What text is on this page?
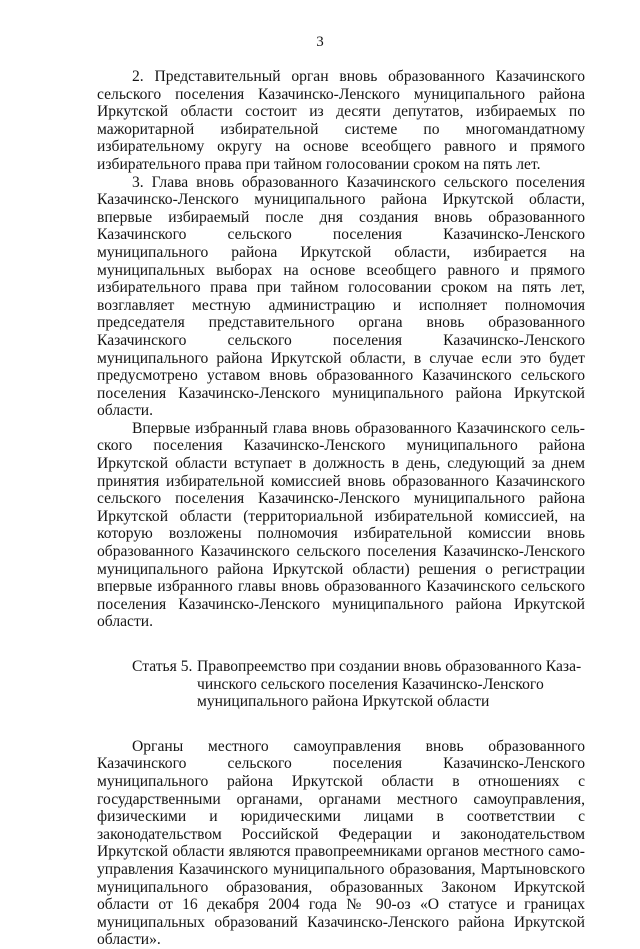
3

2. Представительный орган вновь образованного Казачинского сельского поселения Казачинско-Ленского муниципального района Иркутской области состоит из десяти депутатов, избираемых по мажоритарной избирательной системе по многомандатному избирательному округу на основе всеобщего равного и прямого избирательного права при тайном голосовании сроком на пять лет.

3. Глава вновь образованного Казачинского сельского поселения Казачинско-Ленского муниципального района Иркутской области, впервые избираемый после дня создания вновь образованного Казачинского сельского поселения Казачинско-Ленского муниципального района Иркутской области, избирается на муниципальных выборах на основе всеобщего равного и прямого избирательного права при тайном голосовании сроком на пять лет, возглавляет местную администрацию и исполняет полномочия председателя представительного органа вновь образованного Казачинского сельского поселения Казачинско-Ленского муниципального района Иркутской области, в случае если это будет предусмотрено уставом вновь образованного Казачинского сельского поселения Казачинско-Ленского муниципального района Иркутской области.

Впервые избранный глава вновь образованного Казачинского сельского поселения Казачинско-Ленского муниципального района Иркутской области вступает в должность в день, следующий за днем принятия избирательной комиссией вновь образованного Казачинского сельского поселения Казачинско-Ленского муниципального района Иркутской области (территориальной избирательной комиссией, на которую возложены полномочия избирательной комиссии вновь образованного Казачинского сельского поселения Казачинско-Ленского муниципального района Иркутской области) решения о регистрации впервые избранного главы вновь образованного Казачинского сельского поселения Казачинско-Ленского муниципального района Иркутской области.

Статья 5. Правопреемство при создании вновь образованного Казачинского сельского поселения Казачинско-Ленского муниципального района Иркутской области

Органы местного самоуправления вновь образованного Казачинского сельского поселения Казачинско-Ленского муниципального района Иркутской области в отношениях с государственными органами, органами местного самоуправления, физическими и юридическими лицами в соответствии с законодательством Российской Федерации и законодательством Иркутской области являются правопреемниками органов местного самоуправления Казачинского муниципального образования, Мартыновского муниципального образования, образованных Законом Иркутской области от 16 декабря 2004 года № 90-оз «О статусе и границах муниципальных образований Казачинско-Ленского района Иркутской области».
